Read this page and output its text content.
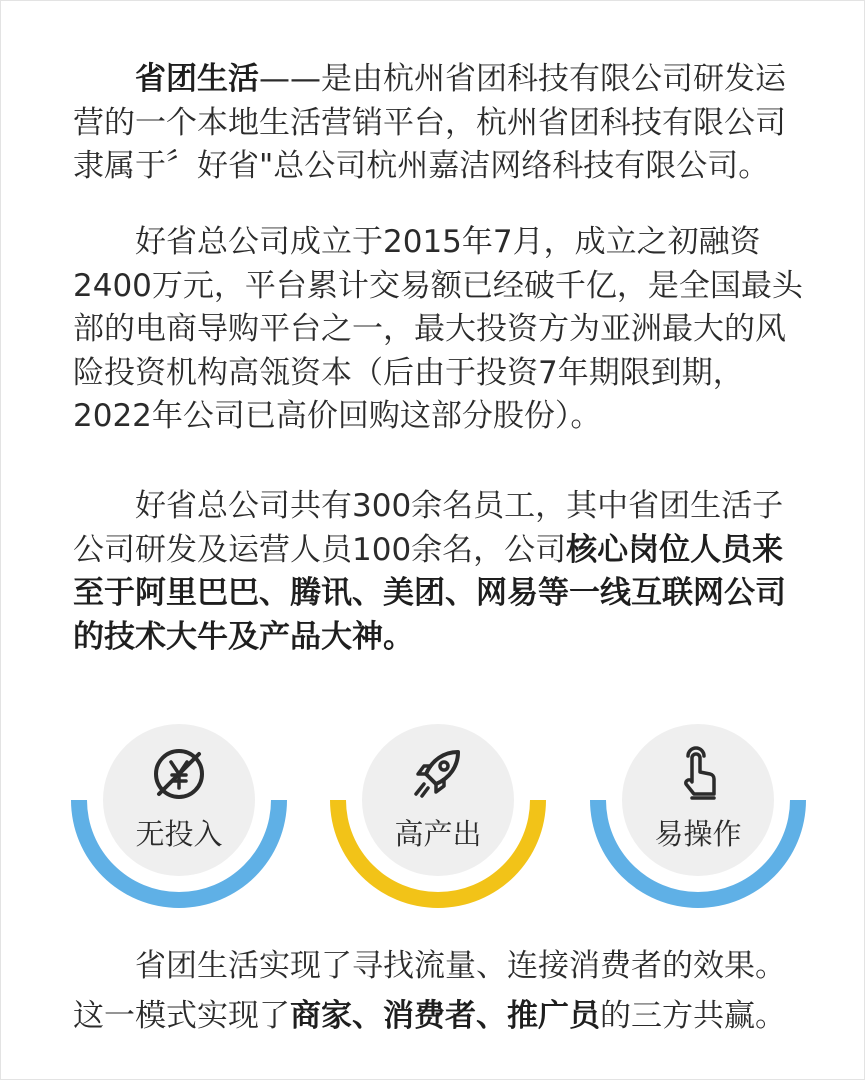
省团生活——是由杭州省团科技有限公司研发运营的一个本地生活营销平台，杭州省团科技有限公司隶属于〞好省"总公司杭州嘉洁网络科技有限公司。

好省总公司成立于2015年7月，成立之初融资2400万元，平台累计交易额已经破千亿，是全国最头部的电商导购平台之一，最大投资方为亚洲最大的风险投资机构高瓴资本（后由于投资7年期限到期，2022年公司已高价回购这部分股份）。

好省总公司共有300余名员工，其中省团生活子公司研发及运营人员100余名，公司核心岗位人员来至于阿里巴巴、腾讯、美团、网易等一线互联网公司的技术大牛及产品大神。

无投入	高产出	易操作

省团生活实现了寻找流量、连接消费者的效果。

这一模式实现了商家、消费者、推广员的三方共赢。
